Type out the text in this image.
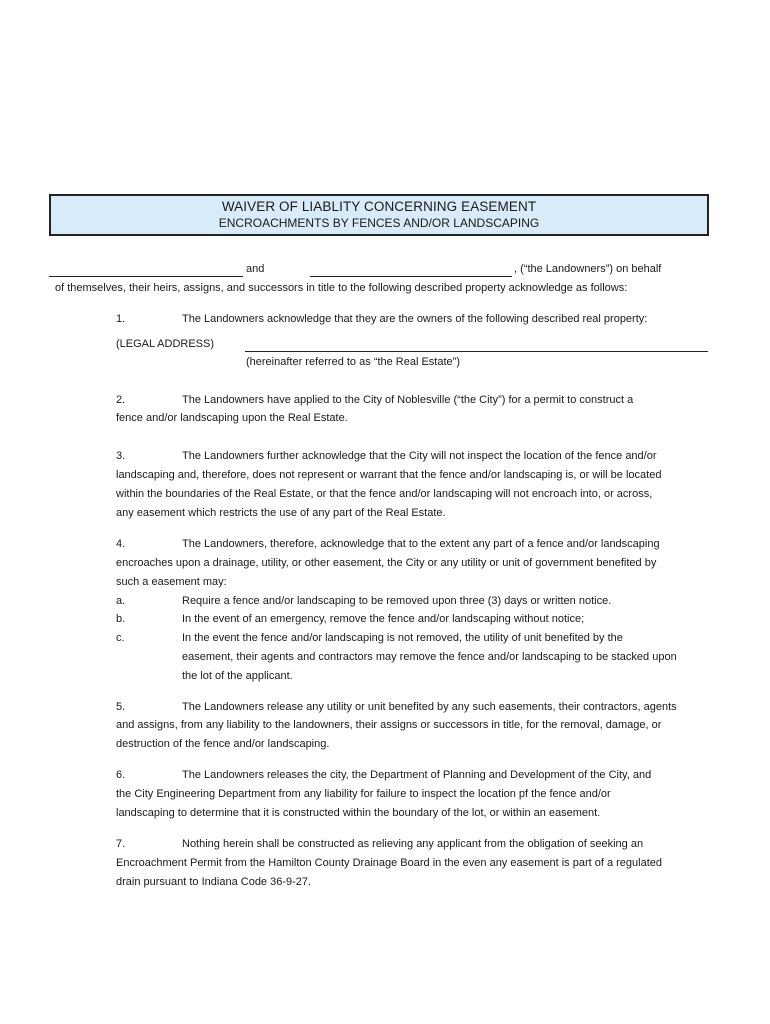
WAIVER OF LIABLITY CONCERNING EASEMENT
ENCROACHMENTS BY FENCES AND/OR LANDSCAPING
and	, (“the Landowners”) on behalf
of themselves, their heirs, assigns, and successors in title to the following described property acknowledge as follows:
1.	The Landowners acknowledge that they are the owners of the following described real property:
(LEGAL ADDRESS)
(hereinafter referred to as “the Real Estate”)
2.	The Landowners have applied to the City of Noblesville (“the City”) for a permit to construct a
fence and/or landscaping upon the Real Estate.
3.	The Landowners further acknowledge that the City will not inspect the location of the fence and/or
landscaping and, therefore, does not represent or warrant that the fence and/or landscaping is, or will be located
within the boundaries of the Real Estate, or that the fence and/or landscaping will not encroach into, or across,
any easement which restricts the use of any part of the Real Estate.
4.	The Landowners, therefore, acknowledge that to the extent any part of a fence and/or landscaping
encroaches upon a drainage, utility, or other easement, the City or any utility or unit of government benefited by
such a easement may:
a.	Require a fence and/or landscaping to be removed upon three (3) days or written notice.
b.	In the event of an emergency, remove the fence and/or landscaping without notice;
c.	In the event the fence and/or landscaping is not removed, the utility of unit benefited by the
easement, their agents and contractors may remove the fence and/or landscaping to be stacked upon
the lot of the applicant.
5.	The Landowners release any utility or unit benefited by any such easements, their contractors, agents
and assigns, from any liability to the landowners, their assigns or successors in title, for the removal, damage, or
destruction of the fence and/or landscaping.
6.	The Landowners releases the city, the Department of Planning and Development of the City, and
the City Engineering Department from any liability for failure to inspect the location pf the fence and/or
landscaping to determine that it is constructed within the boundary of the lot, or within an easement.
7.	Nothing herein shall be constructed as relieving any applicant from the obligation of seeking an
Encroachment Permit from the Hamilton County Drainage Board in the even any easement is part of a regulated
drain pursuant to Indiana Code 36-9-27.
